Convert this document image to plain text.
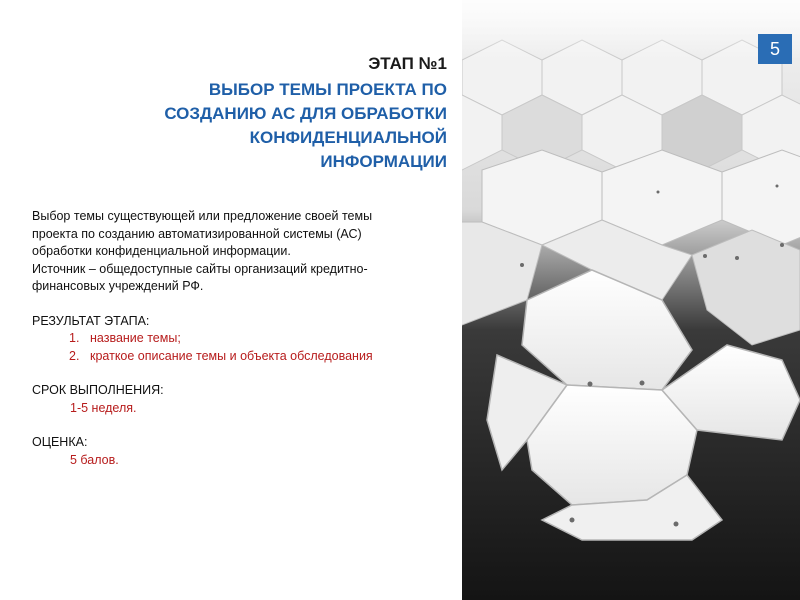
ЭТАП №1
ВЫБОР ТЕМЫ ПРОЕКТА ПО
СОЗДАНИЮ АС ДЛЯ ОБРАБОТКИ
КОНФИДЕНЦИАЛЬНОЙ
ИНФОРМАЦИИ
Выбор темы существующей или предложение своей темы
проекта по созданию автоматизированной системы (АС)
обработки конфиденциальной информации.
Источник – общедоступные сайты организаций кредитно-
финансовых учреждений РФ.
РЕЗУЛЬТАТ ЭТАПА:
1. название темы;
2. краткое описание темы и объекта обследования
СРОК ВЫПОЛНЕНИЯ:
1-5 неделя.
ОЦЕНКА:
5 балов.
5
